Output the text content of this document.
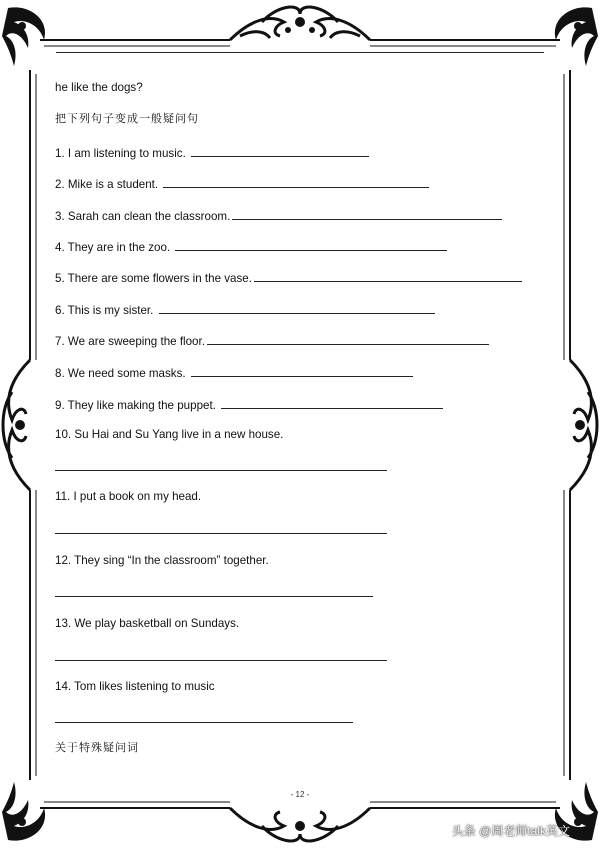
he like the dogs?
把下列句子变成一般疑问句
1. I am listening to music.
2. Mike is a student.
3. Sarah can clean the classroom.
4. They are in the zoo.
5. There are some flowers in the vase.
6. This is my sister.
7. We are sweeping the floor.
8. We need some masks.
9. They like making the puppet.
10. Su Hai and Su Yang live in a new house.
11. I put a book on my head.
12. They sing “In the classroom” together.
13. We play basketball on Sundays.
14. Tom likes listening to music
关于特殊疑问词
- 12 -
头条 @周老师talk英文
